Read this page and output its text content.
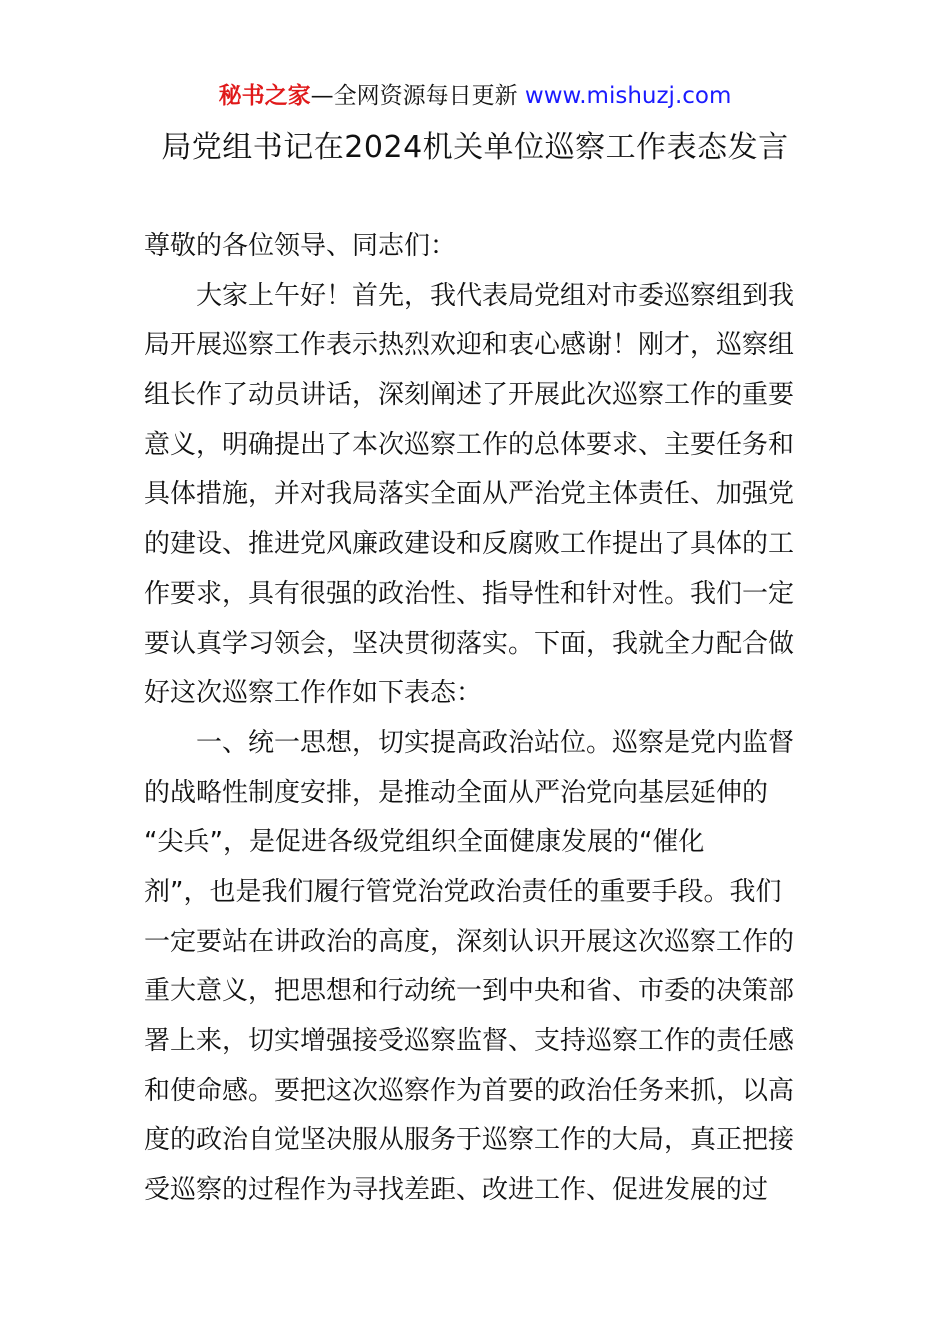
秘书之家—全网资源每日更新 www.mishuzj.com
局党组书记在2024机关单位巡察工作表态发言
尊敬的各位领导、同志们：
大家上午好！首先，我代表局党组对市委巡察组到我
局开展巡察工作表示热烈欢迎和衷心感谢！刚才，巡察组
组长作了动员讲话，深刻阐述了开展此次巡察工作的重要
意义，明确提出了本次巡察工作的总体要求、主要任务和
具体措施，并对我局落实全面从严治党主体责任、加强党
的建设、推进党风廉政建设和反腐败工作提出了具体的工
作要求，具有很强的政治性、指导性和针对性。我们一定
要认真学习领会，坚决贯彻落实。下面，我就全力配合做
好这次巡察工作作如下表态：
一、统一思想，切实提高政治站位。巡察是党内监督
的战略性制度安排，是推动全面从严治党向基层延伸的
“尖兵”，是促进各级党组织全面健康发展的“催化
剂”，也是我们履行管党治党政治责任的重要手段。我们
一定要站在讲政治的高度，深刻认识开展这次巡察工作的
重大意义，把思想和行动统一到中央和省、市委的决策部
署上来，切实增强接受巡察监督、支持巡察工作的责任感
和使命感。要把这次巡察作为首要的政治任务来抓，以高
度的政治自觉坚决服从服务于巡察工作的大局，真正把接
受巡察的过程作为寻找差距、改进工作、促进发展的过
